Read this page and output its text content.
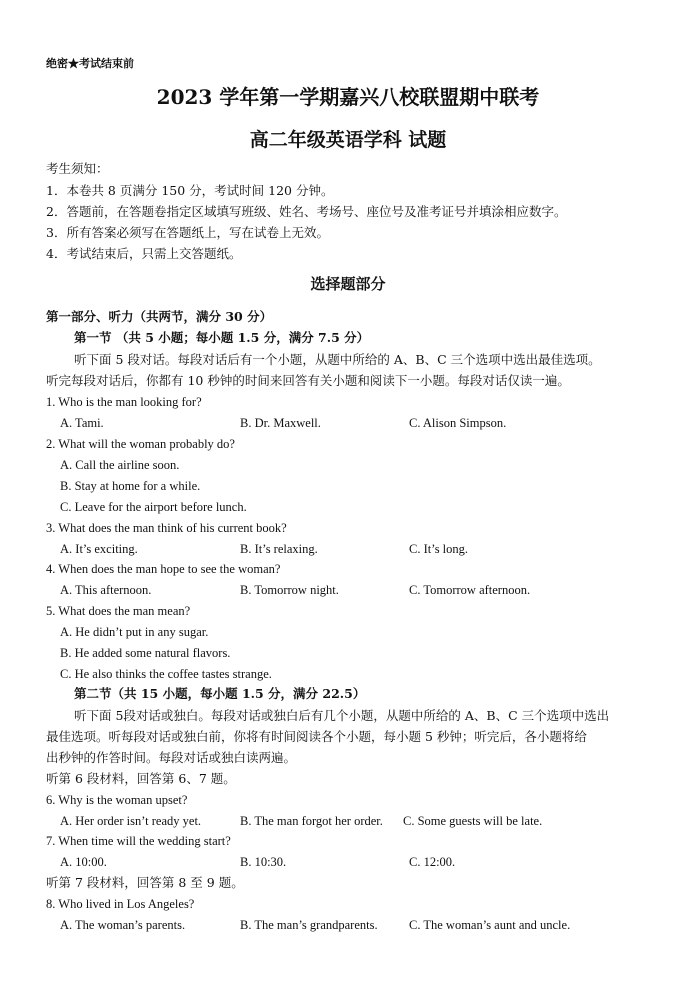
绝密★考试结束前
2023 学年第一学期嘉兴八校联盟期中联考
高二年级英语学科 试题
考生须知：
1．本卷共 8 页满分 150 分，考试时间 120 分钟。
2．答题前，在答题卷指定区域填写班级、姓名、考场号、座位号及准考证号并填涂相应数字。
3．所有答案必须写在答题纸上，写在试卷上无效。
4．考试结束后，只需上交答题纸。
选择题部分
第一部分、听力（共两节，满分 30 分）
第一节 （共 5 小题；每小题 1.5 分，满分 7.5 分）
听下面 5 段对话。每段对话后有一个小题，从题中所给的 A、B、C 三个选项中选出最佳选项。
听完每段对话后，你都有 10 秒钟的时间来回答有关小题和阅读下一小题。每段对话仅读一遍。
1. Who is the man looking for?
A. Tami.	B. Dr. Maxwell.	C. Alison Simpson.
2. What will the woman probably do?
A. Call the airline soon.
B. Stay at home for a while.
C. Leave for the airport before lunch.
3. What does the man think of his current book?
A. It’s exciting.	B. It’s relaxing.	C. It’s long.
4. When does the man hope to see the woman?
A. This afternoon.	B. Tomorrow night.	C. Tomorrow afternoon.
5. What does the man mean?
A. He didn’t put in any sugar.
B. He added some natural flavors.
C. He also thinks the coffee tastes strange.
第二节（共 15 小题，每小题 1.5 分，满分 22.5）
听下面 5段对话或独白。每段对话或独白后有几个小题，从题中所给的 A、B、C 三个选项中选出
最佳选项。听每段对话或独白前，你将有时间阅读各个小题，每小题 5 秒钟；听完后，各小题将给
出秒钟的作答时间。每段对话或独白读两遍。
听第 6 段材料，回答第 6、7 题。
6. Why is the woman upset?
A. Her order isn’t ready yet.	B. The man forgot her order. C. Some guests will be late.
7. When time will the wedding start?
A. 10:00.	B. 10:30.	C. 12:00.
听第 7 段材料，回答第 8 至 9 题。
8. Who lived in Los Angeles?
A. The woman’s parents.	B. The man’s grandparents.	C. The woman’s aunt and uncle.
